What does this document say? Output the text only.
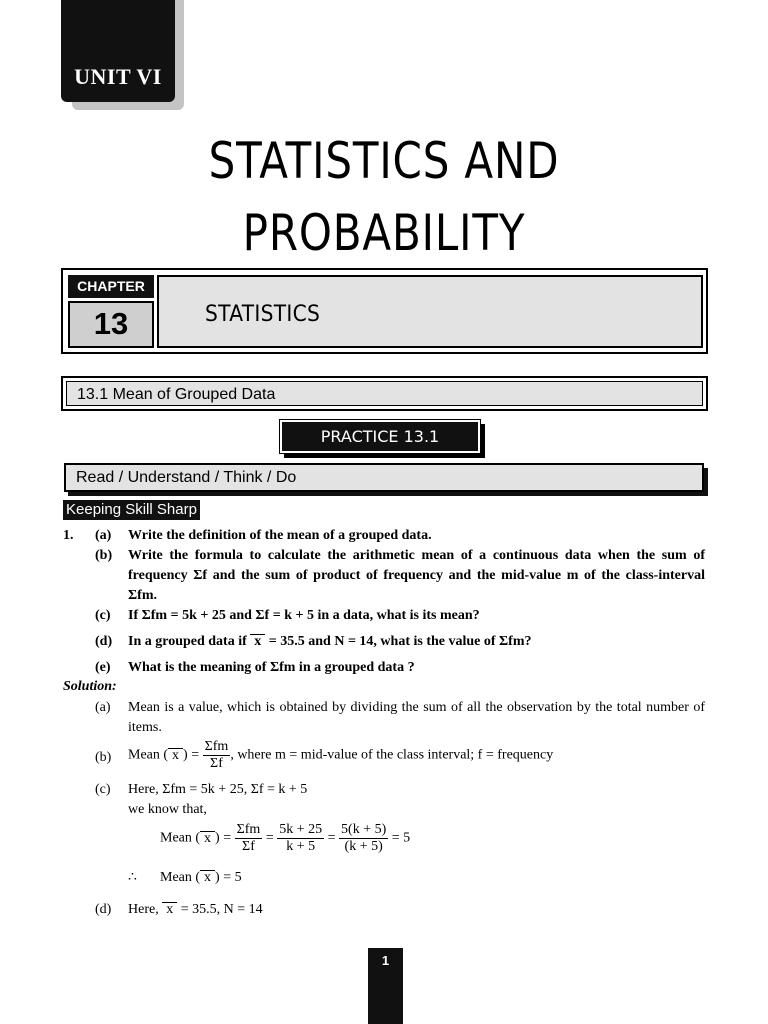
UNIT VI
STATISTICS AND
PROBABILITY
CHAPTER
13	STATISTICS
13.1 Mean of Grouped Data
PRACTICE 13.1
Read / Understand / Think / Do
Keeping Skill Sharp
1. (a) Write the definition of the mean of a grouped data.
(b) Write the formula to calculate the arithmetic mean of a continuous data when the sum of frequency Σf and the sum of product of frequency and the mid-value m of the class-interval Σfm.
(c) If Σfm = 5k + 25 and Σf = k + 5 in a data, what is its mean?
(d) In a grouped data if x = 35.5 and N = 14, what is the value of Σfm?
(e) What is the meaning of Σfm in a grouped data ?
Solution:
(a) Mean is a value, which is obtained by dividing the sum of all the observation by the total number of items.
(b) Mean ( x ) = $\frac{\text{Σfm}}{\Sigma f}$ , where m = mid-value of the class interval; f = frequency
(c) Here, Σfm = 5k + 25, Σf = k + 5
we know that,
Mean ( x ) = $\frac{\text{Σfm}}{\Sigma f} = \frac{5k + 25}{k + 5} = \frac{5(k + 5)}{(k + 5)} = 5$
∴ Mean ( x ) = 5
(d) Here, x = 35.5, N = 14
1
